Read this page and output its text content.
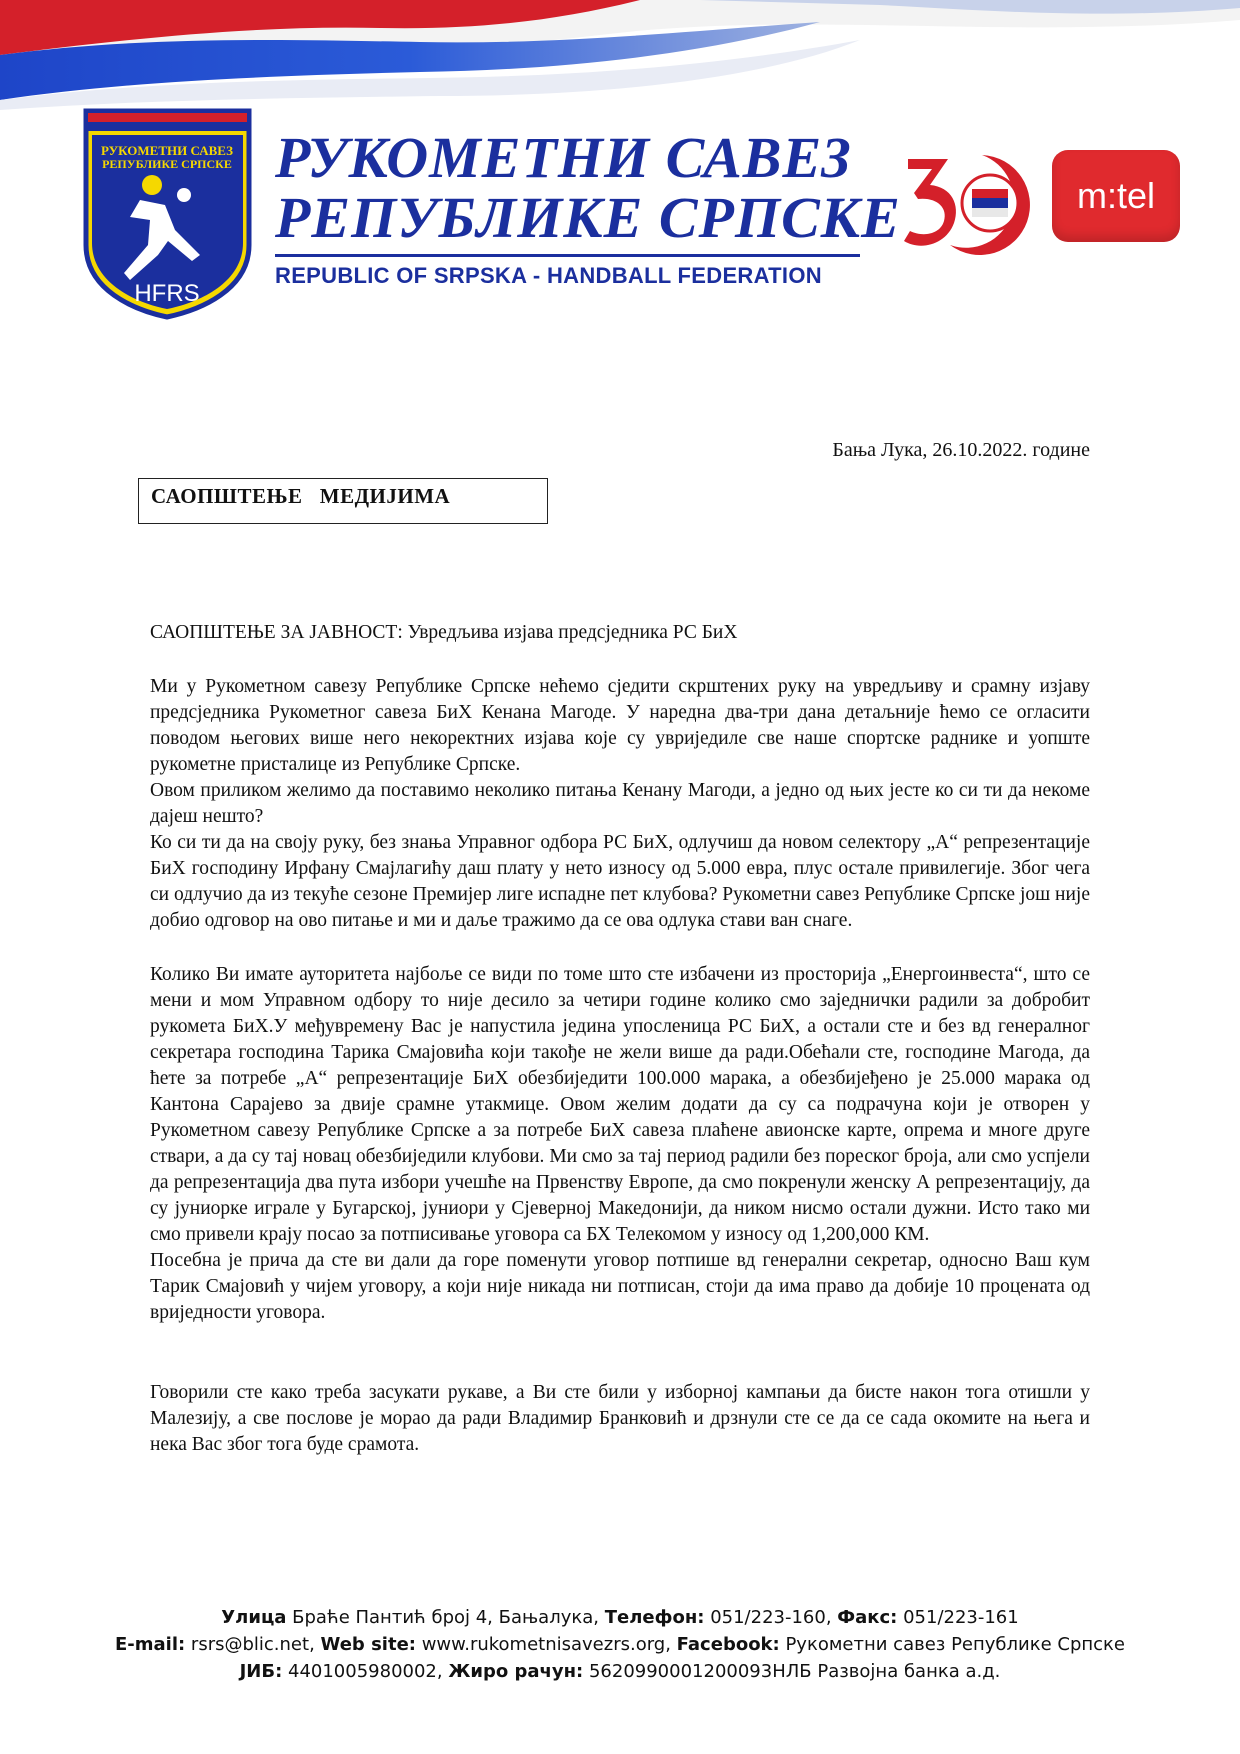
РУКОМЕТНИ САВЕЗ
РЕПУБЛИКЕ СРПСКЕ
HFRS
РУКОМЕТНИ САВЕЗ
РЕПУБЛИКЕ СРПСКЕ
REPUBLIC OF SRPSKA - HANDBALL FEDERATION
m:tel
Бања Лука, 26.10.2022. године
САОПШТЕЊЕ   МЕДИЈИМА

САОПШТЕЊЕ ЗА ЈАВНОСТ: Увредљива изјава предсједника РС БиХ

Ми у Рукометном савезу Републике Српске нећемо сједити скрштених руку на увредљиву и срамну изјаву предсједника Рукометног савеза БиХ Кенана Магоде. У наредна два-три дана детаљније ћемо се огласити поводом његових више него некоректних изјава које су увриједиле све наше спортске раднике и уопште рукометне присталице из Републике Српске.

Овом приликом желимо да поставимо неколико питања Кенану Магоди, а једно од њих јесте ко си ти да некоме дајеш нешто?

Ко си ти да на своју руку, без знања Управног одбора РС БиХ, одлучиш да новом селектору „А“ репрезентације БиХ господину Ирфану Смајлагићу даш плату у нето износу од 5.000 евра, плус остале привилегије. Због чега си одлучио да из текуће сезоне Премијер лиге испадне пет клубова? Рукометни савез Републике Српске још није добио одговор на ово питање и ми и даље тражимо да се ова одлука стави ван снаге.

Колико Ви имате ауторитета најбоље се види по томе што сте избачени из просторија „Енергоинвеста“, што се мени и мом Управном одбору то није десило за четири године колико смо заједнички радили за добробит рукомета БиХ.У међувремену Вас је напустила једина упосленица РС БиХ, а остали сте и без вд генералног секретара господина Тарика Смајовића који такође не жели више да ради.Обећали сте, господине Магода, да ћете за потребе „А“ репрезентације БиХ обезбиједити 100.000 марака, а обезбијеђено је 25.000 марака од Кантона Сарајево за двије срамне утакмице. Овом желим додати да су са подрачуна који је отворен у Рукометном савезу Републике Српске а за потребе БиХ савеза плаћене авионске карте, опрема и многе друге ствари, а да су тај новац обезбиједили клубови. Ми смо за тај период радили без пореског броја, али смо успјели да репрезентација два пута избори учешће на Првенству Европе, да смо покренули женску А репрезентацију, да су јуниорке играле у Бугарској, јуниори у Сјеверној Македонији, да ником нисмо остали дужни. Исто тако ми смо привели крају посао за потписивање уговора са БХ Телекомом у износу од 1,200,000 КМ.

Посебна је прича да сте ви дали да горе поменути уговор потпише вд генерални секретар, односно Ваш кум Тарик Смајовић у чијем уговору, а који није никада ни потписан, стоји да има право да добије 10 процената од вриједности уговора.

Говорили сте како треба засукати рукаве, а Ви сте били у изборној кампањи да бисте након тога отишли у Малезију, а све послове је морао да ради Владимир Бранковић и дрзнули сте се да се сада окомите на њега и нека Вас због тога буде срамота.

Улица Браће Пантић број 4, Бањалука, Телефон: 051/223-160, Факс: 051/223-161
E-mail: rsrs@blic.net, Web site: www.rukometnisavezrs.org, Facebook: Рукометни савез Републике Српске
ЈИБ: 4401005980002, Жиро рачун: 5620990001200093НЛБ Развојна банка а.д.
